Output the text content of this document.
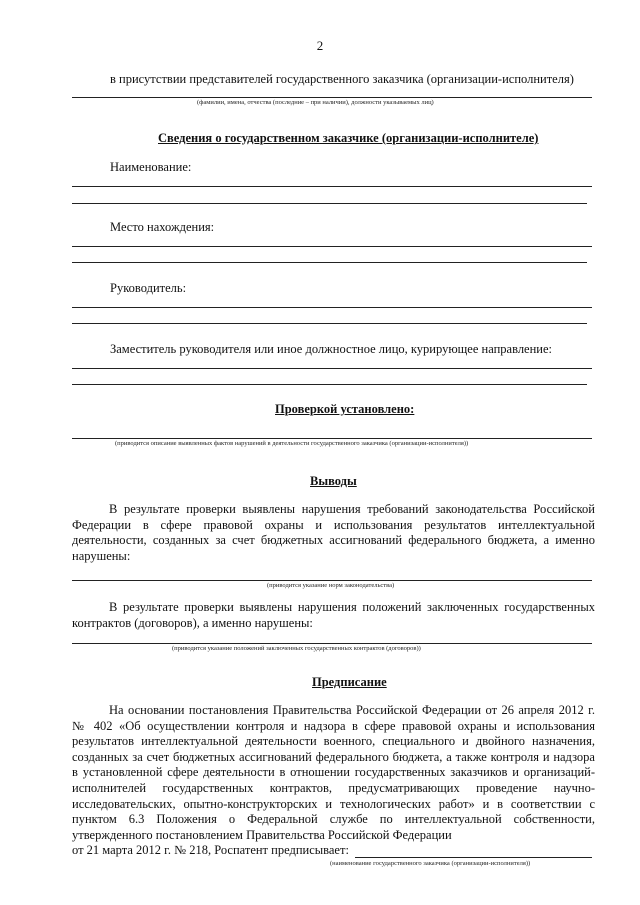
2
в присутствии представителей государственного заказчика (организации-исполнителя)
(фамилии, имена, отчества (последние – при наличии), должности указываемых лиц)
Сведения о государственном заказчике (организации-исполнителе)
Наименование:
Место нахождения:
Руководитель:
Заместитель руководителя или иное должностное лицо, курирующее направление:
Проверкой установлено:
(приводится описание выявленных фактов нарушений в деятельности государственного заказчика (организации-исполнителя))
Выводы
В результате проверки выявлены нарушения требований законодательства Российской Федерации в сфере правовой охраны и использования результатов интеллектуальной деятельности, созданных за счет бюджетных ассигнований федерального бюджета, а именно нарушены:
(приводится указание норм законодательства)
В результате проверки выявлены нарушения положений заключенных государственных контрактов (договоров), а именно нарушены:
(приводится указание положений заключенных государственных контрактов (договоров))
Предписание
На основании постановления Правительства Российской Федерации от 26 апреля 2012 г. № 402 «Об осуществлении контроля и надзора в сфере правовой охраны и использования результатов интеллектуальной деятельности военного, специального и двойного назначения, созданных за счет бюджетных ассигнований федерального бюджета, а также контроля и надзора в установленной сфере деятельности в отношении государственных заказчиков и организаций-исполнителей государственных контрактов, предусматривающих проведение научно-исследовательских, опытно-конструкторских и технологических работ» и в соответствии с пунктом 6.3 Положения о Федеральной службе по интеллектуальной собственности, утвержденного постановлением Правительства Российской Федерации
от 21 марта 2012 г. № 218, Роспатент предписывает:
(наименование государственного заказчика (организации-исполнителя))
